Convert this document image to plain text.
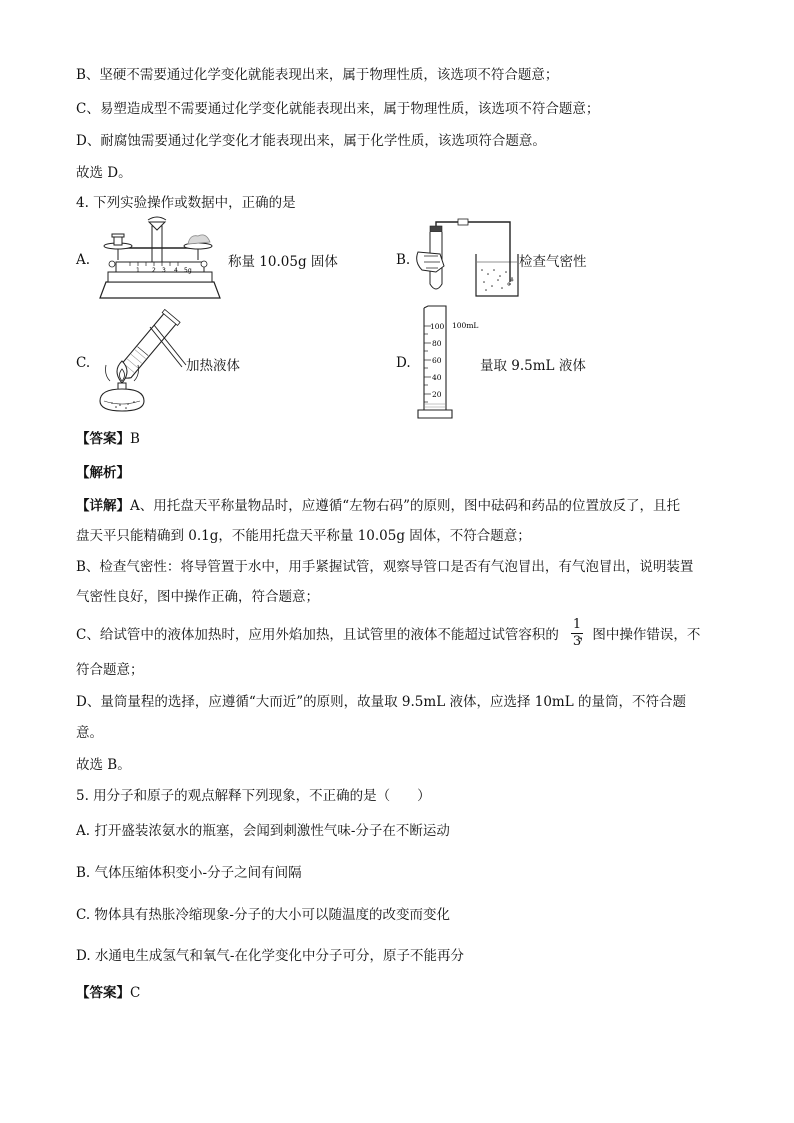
B、坚硬不需要通过化学变化就能表现出来，属于物理性质，该选项不符合题意；
C、易塑造成型不需要通过化学变化就能表现出来，属于物理性质，该选项不符合题意；
D、耐腐蚀需要通过化学变化才能表现出来，属于化学性质，该选项符合题意。
故选 D。
4. 下列实验操作或数据中，正确的是
A.
1 2 3 4 5g
称量 10.05g 固体	B.	检查气密性
C.	加热液体	D.
100
80
60
40
20
100mL
量取 9.5mL 液体
【答案】B
【解析】
【详解】A、用托盘天平称量物品时，应遵循“左物右码”的原则，图中砝码和药品的位置放反了，且托
盘天平只能精确到 0.1g，不能用托盘天平称量 10.05g 固体，不符合题意；
B、检查气密性：将导管置于水中，用手紧握试管，观察导管口是否有气泡冒出，有气泡冒出，说明装置
气密性良好，图中操作正确，符合题意；
C、给试管中的液体加热时，应用外焰加热，且试管里的液体不能超过试管容积的 ，图中操作错误，不
1
3
符合题意；
D、量筒量程的选择，应遵循“大而近”的原则，故量取 9.5mL 液体，应选择 10mL 的量筒，不符合题
意。
故选 B。
5. 用分子和原子的观点解释下列现象，不正确的是（　　）
A. 打开盛装浓氨水的瓶塞，会闻到刺激性气味-分子在不断运动
B. 气体压缩体积变小-分子之间有间隔
C. 物体具有热胀冷缩现象-分子的大小可以随温度的改变而变化
D. 水通电生成氢气和氧气-在化学变化中分子可分，原子不能再分
【答案】C
